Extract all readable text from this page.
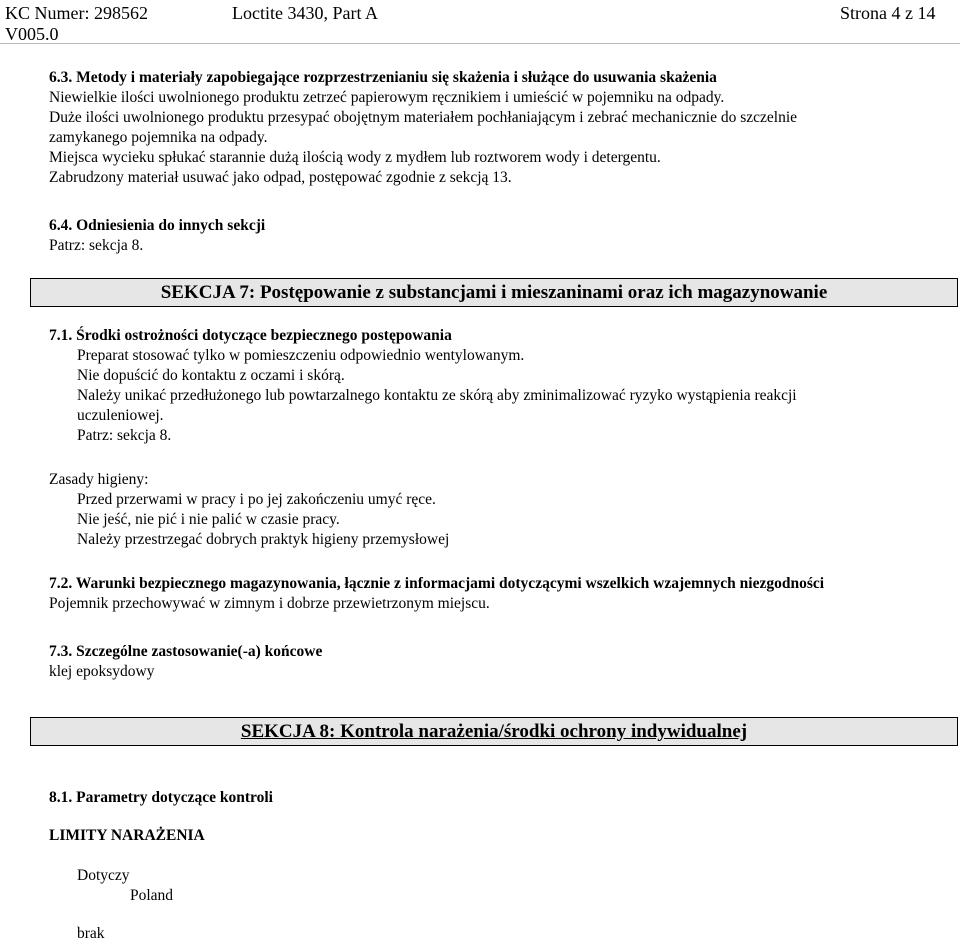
KC Numer: 298562
V005.0
Loctite 3430, Part A	Strona 4 z 14
6.3. Metody i materiały zapobiegające rozprzestrzenianiu się skażenia i służące do usuwania skażenia
Niewielkie ilości uwolnionego produktu zetrzeć papierowym ręcznikiem i umieścić w pojemniku na odpady.
Duże ilości uwolnionego produktu przesypać obojętnym materiałem pochłaniającym i zebrać mechanicznie do szczelnie
zamykanego pojemnika na odpady.
Miejsca wycieku spłukać starannie dużą ilością wody z mydłem lub roztworem wody i detergentu.
Zabrudzony materiał usuwać jako odpad, postępować zgodnie z sekcją 13.
6.4. Odniesienia do innych sekcji
Patrz: sekcja 8.
SEKCJA 7: Postępowanie z substancjami i mieszaninami oraz ich magazynowanie
7.1. Środki ostrożności dotyczące bezpiecznego postępowania
Preparat stosować tylko w pomieszczeniu odpowiednio wentylowanym.
Nie dopuścić do kontaktu z oczami i skórą.
Należy unikać przedłużonego lub powtarzalnego kontaktu ze skórą aby zminimalizować ryzyko wystąpienia reakcji
uczuleniowej.
Patrz: sekcja 8.
Zasady higieny:
Przed przerwami w pracy i po jej zakończeniu umyć ręce.
Nie jeść, nie pić i nie palić w czasie pracy.
Należy przestrzegać dobrych praktyk higieny przemysłowej
7.2. Warunki bezpiecznego magazynowania, łącznie z informacjami dotyczącymi wszelkich wzajemnych niezgodności
Pojemnik przechowywać w zimnym i dobrze przewietrzonym miejscu.
7.3. Szczególne zastosowanie(-a) końcowe
klej epoksydowy
SEKCJA 8: Kontrola narażenia/środki ochrony indywidualnej
8.1. Parametry dotyczące kontroli
LIMITY NARAŻENIA
Dotyczy
Poland
brak
